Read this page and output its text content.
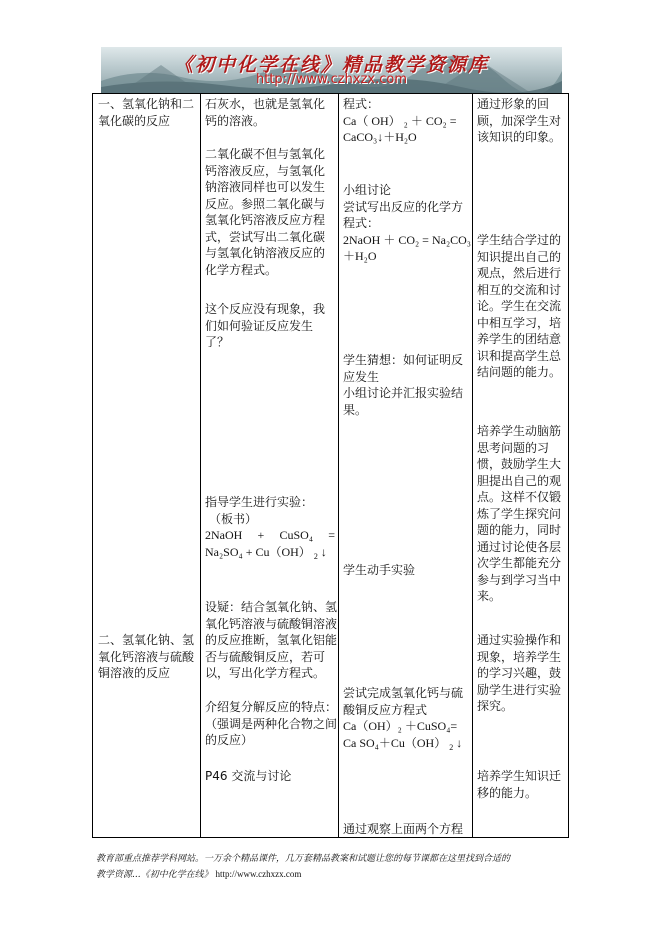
《初中化学在线》精品教学资源库
http://www.czhxzx.com

一、氢氧化钠和二氧化碳的反应

二、氢氧化钠、氢氧化钙溶液与硫酸铜溶液的反应

石灰水，也就是氢氧化钙的溶液。

二氧化碳不但与氢氧化钙溶液反应，与氢氧化钠溶液同样也可以发生反应。参照二氧化碳与氢氧化钙溶液反应方程式，尝试写出二氧化碳与氢氧化钠溶液反应的化学方程式。

这个反应没有现象，我们如何验证反应发生了？

指导学生进行实验：

（板书）

2NaOH + CuSO₄ =

Na₂SO₄ + Cu（OH） $_2$ ↓

设疑：结合氢氧化钠、氢氧化钙溶液与硫酸铜溶液的反应推断，氢氧化铝能否与硫酸铜反应，若可以，写出化学方程式。

介绍复分解反应的特点：

（强调是两种化合物之间的反应）

P46 交流与讨论

程式：

Ca（ OH） ₂ ＋ CO₂ =

CaCO₃↓＋H₂O

小组讨论

尝试写出反应的化学方程式：

2NaOH ＋ CO₂ = Na₂CO₃

＋H₂O

学生猜想：如何证明反应发生

小组讨论并汇报实验结果。

学生动手实验

尝试完成氢氧化钙与硫酸铜反应方程式

Ca（OH）₂ ＋CuSO₄=

Ca SO₄＋Cu（OH） $_2$ ↓

通过观察上面两个方程

通过形象的回顾，加深学生对该知识的印象。

学生结合学过的知识提出自己的观点，然后进行相互的交流和讨论。学生在交流中相互学习，培养学生的团结意识和提高学生总结问题的能力。

培养学生动脑筋思考问题的习惯，鼓励学生大胆提出自己的观点。这样不仅锻炼了学生探究问题的能力，同时通过讨论使各层次学生都能充分参与到学习当中来。

通过实验操作和现象，培养学生的学习兴趣，鼓励学生进行实验探究。

培养学生知识迁移的能力。

教育部重点推荐学科网站。一万余个精品课件，几万套精品教案和试题让您的每节课都在这里找到合适的
教学资源...《初中化学在线》 http://www.czhxzx.com
